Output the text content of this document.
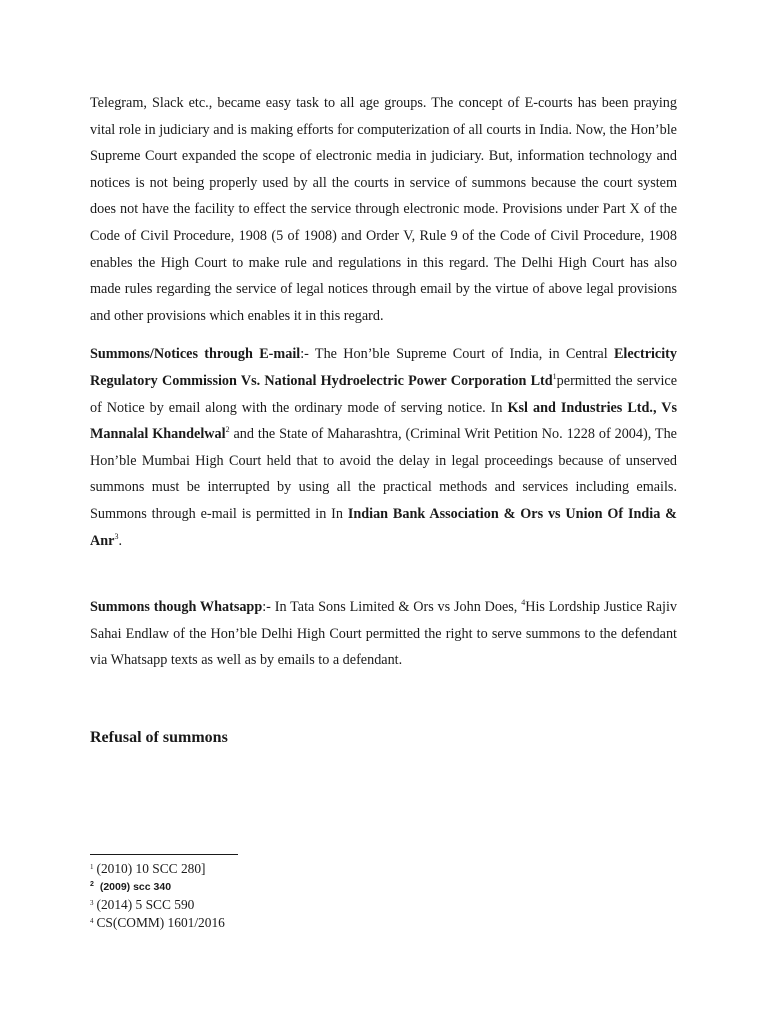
Telegram, Slack etc., became easy task to all age groups. The concept of E-courts has been praying vital role in judiciary and is making efforts for computerization of all courts in India. Now, the Hon’ble Supreme Court expanded the scope of electronic media in judiciary. But, information technology and notices is not being properly used by all the courts in service of summons because the court system does not have the facility to effect the service through electronic mode. Provisions under Part X of the Code of Civil Procedure, 1908 (5 of 1908) and Order V, Rule 9 of the Code of Civil Procedure, 1908 enables the High Court to make rule and regulations in this regard. The Delhi High Court has also made rules regarding the service of legal notices through email by the virtue of above legal provisions and other provisions which enables it in this regard.

Summons/Notices through E-mail:- The Hon’ble Supreme Court of India, in Central Electricity Regulatory Commission Vs. National Hydroelectric Power Corporation Ltd$^1$permitted the service of Notice by email along with the ordinary mode of serving notice. In Ksl and Industries Ltd., Vs Mannalal Khandelwal$^2$ and the State of Maharashtra, (Criminal Writ Petition No. 1228 of 2004), The Hon’ble Mumbai High Court held that to avoid the delay in legal proceedings because of unserved summons must be interrupted by using all the practical methods and services including emails. Summons through e-mail is permitted in In Indian Bank Association & Ors vs Union Of India & Anr$^3$.

Summons though Whatsapp:- In Tata Sons Limited & Ors vs John Does, $^4$His Lordship Justice Rajiv Sahai Endlaw of the Hon’ble Delhi High Court permitted the right to serve summons to the defendant via Whatsapp texts as well as by emails to a defendant.

Refusal of summons
$^1$ (2010) 10 SCC 280]
$^2$ (2009) scc 340
$^3$ (2014) 5 SCC 590
$^4$ CS(COMM) 1601/2016
